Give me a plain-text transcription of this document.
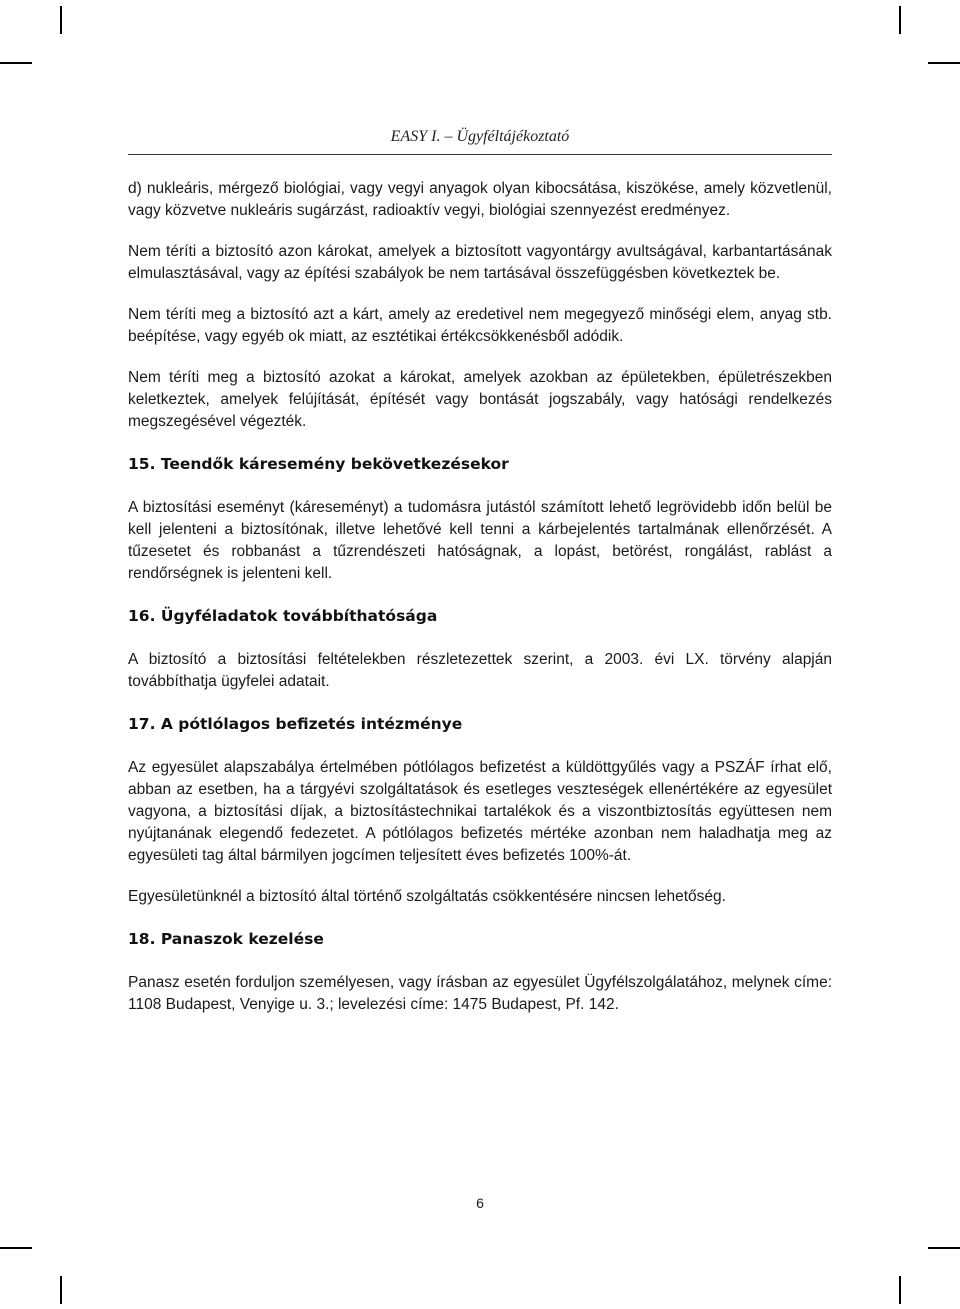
EASY I. – Ügyféltájékoztató

d) nukleáris, mérgező biológiai, vagy vegyi anyagok olyan kibocsátása, kiszökése, amely közvetlenül, vagy közvetve nukleáris sugárzást, radioaktív vegyi, biológiai szennyezést eredményez.

Nem téríti a biztosító azon károkat, amelyek a biztosított vagyontárgy avultságával, karbantartásának elmulasztásával, vagy az építési szabályok be nem tartásával összefüggésben következtek be.

Nem téríti meg a biztosító azt a kárt, amely az eredetivel nem megegyező minőségi elem, anyag stb. beépítése, vagy egyéb ok miatt, az esztétikai értékcsökkenésből adódik.

Nem téríti meg a biztosító azokat a károkat, amelyek azokban az épületekben, épületrészekben keletkeztek, amelyek felújítását, építését vagy bontását jogszabály, vagy hatósági rendelkezés megszegésével végezték.

15. Teendők káresemény bekövetkezésekor

A biztosítási eseményt (káreseményt) a tudomásra jutástól számított lehető legrövidebb időn belül be kell jelenteni a biztosítónak, illetve lehetővé kell tenni a kárbejelentés tartalmának ellenőrzését. A tűzesetet és robbanást a tűzrendészeti hatóságnak, a lopást, betörést, rongálást, rablást a rendőrségnek is jelenteni kell.

16. Ügyféladatok továbbíthatósága

A biztosító a biztosítási feltételekben részletezettek szerint, a 2003. évi LX. törvény alapján továbbíthatja ügyfelei adatait.

17. A pótlólagos befizetés intézménye

Az egyesület alapszabálya értelmében pótlólagos befizetést a küldöttgyűlés vagy a PSZÁF írhat elő, abban az esetben, ha a tárgyévi szolgáltatások és esetleges veszteségek ellenértékére az egyesület vagyona, a biztosítási díjak, a biztosítástechnikai tartalékok és a viszontbiztosítás együttesen nem nyújtanának elegendő fedezetet. A pótlólagos befizetés mértéke azonban nem haladhatja meg az egyesületi tag által bármilyen jogcímen teljesített éves befizetés 100%-át.

Egyesületünknél a biztosító által történő szolgáltatás csökkentésére nincsen lehetőség.

18. Panaszok kezelése

Panasz esetén forduljon személyesen, vagy írásban az egyesület Ügyfélszolgálatához, melynek címe: 1108 Budapest, Venyige u. 3.; levelezési címe: 1475 Budapest, Pf. 142.

6
